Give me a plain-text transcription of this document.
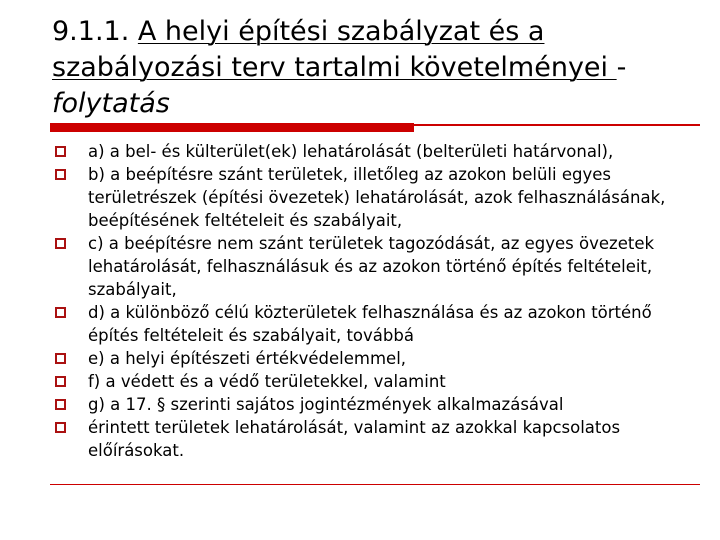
9.1.1. A helyi építési szabályzat és a szabályozási terv tartalmi követelményei - folytatás
a) a bel- és külterület(ek) lehatárolását (belterületi határvonal),
b) a beépítésre szánt területek, illetőleg az azokon belüli egyes területrészek (építési övezetek) lehatárolását, azok felhasználásának, beépítésének feltételeit és szabályait,
c) a beépítésre nem szánt területek tagozódását, az egyes övezetek lehatárolását, felhasználásuk és az azokon történő építés feltételeit, szabályait,
d) a különböző célú közterületek felhasználása és az azokon történő építés feltételeit és szabályait, továbbá
e) a helyi építészeti értékvédelemmel,
f) a védett és a védő területekkel, valamint
g) a 17. § szerinti sajátos jogintézmények alkalmazásával
érintett területek lehatárolását, valamint az azokkal kapcsolatos előírásokat.
